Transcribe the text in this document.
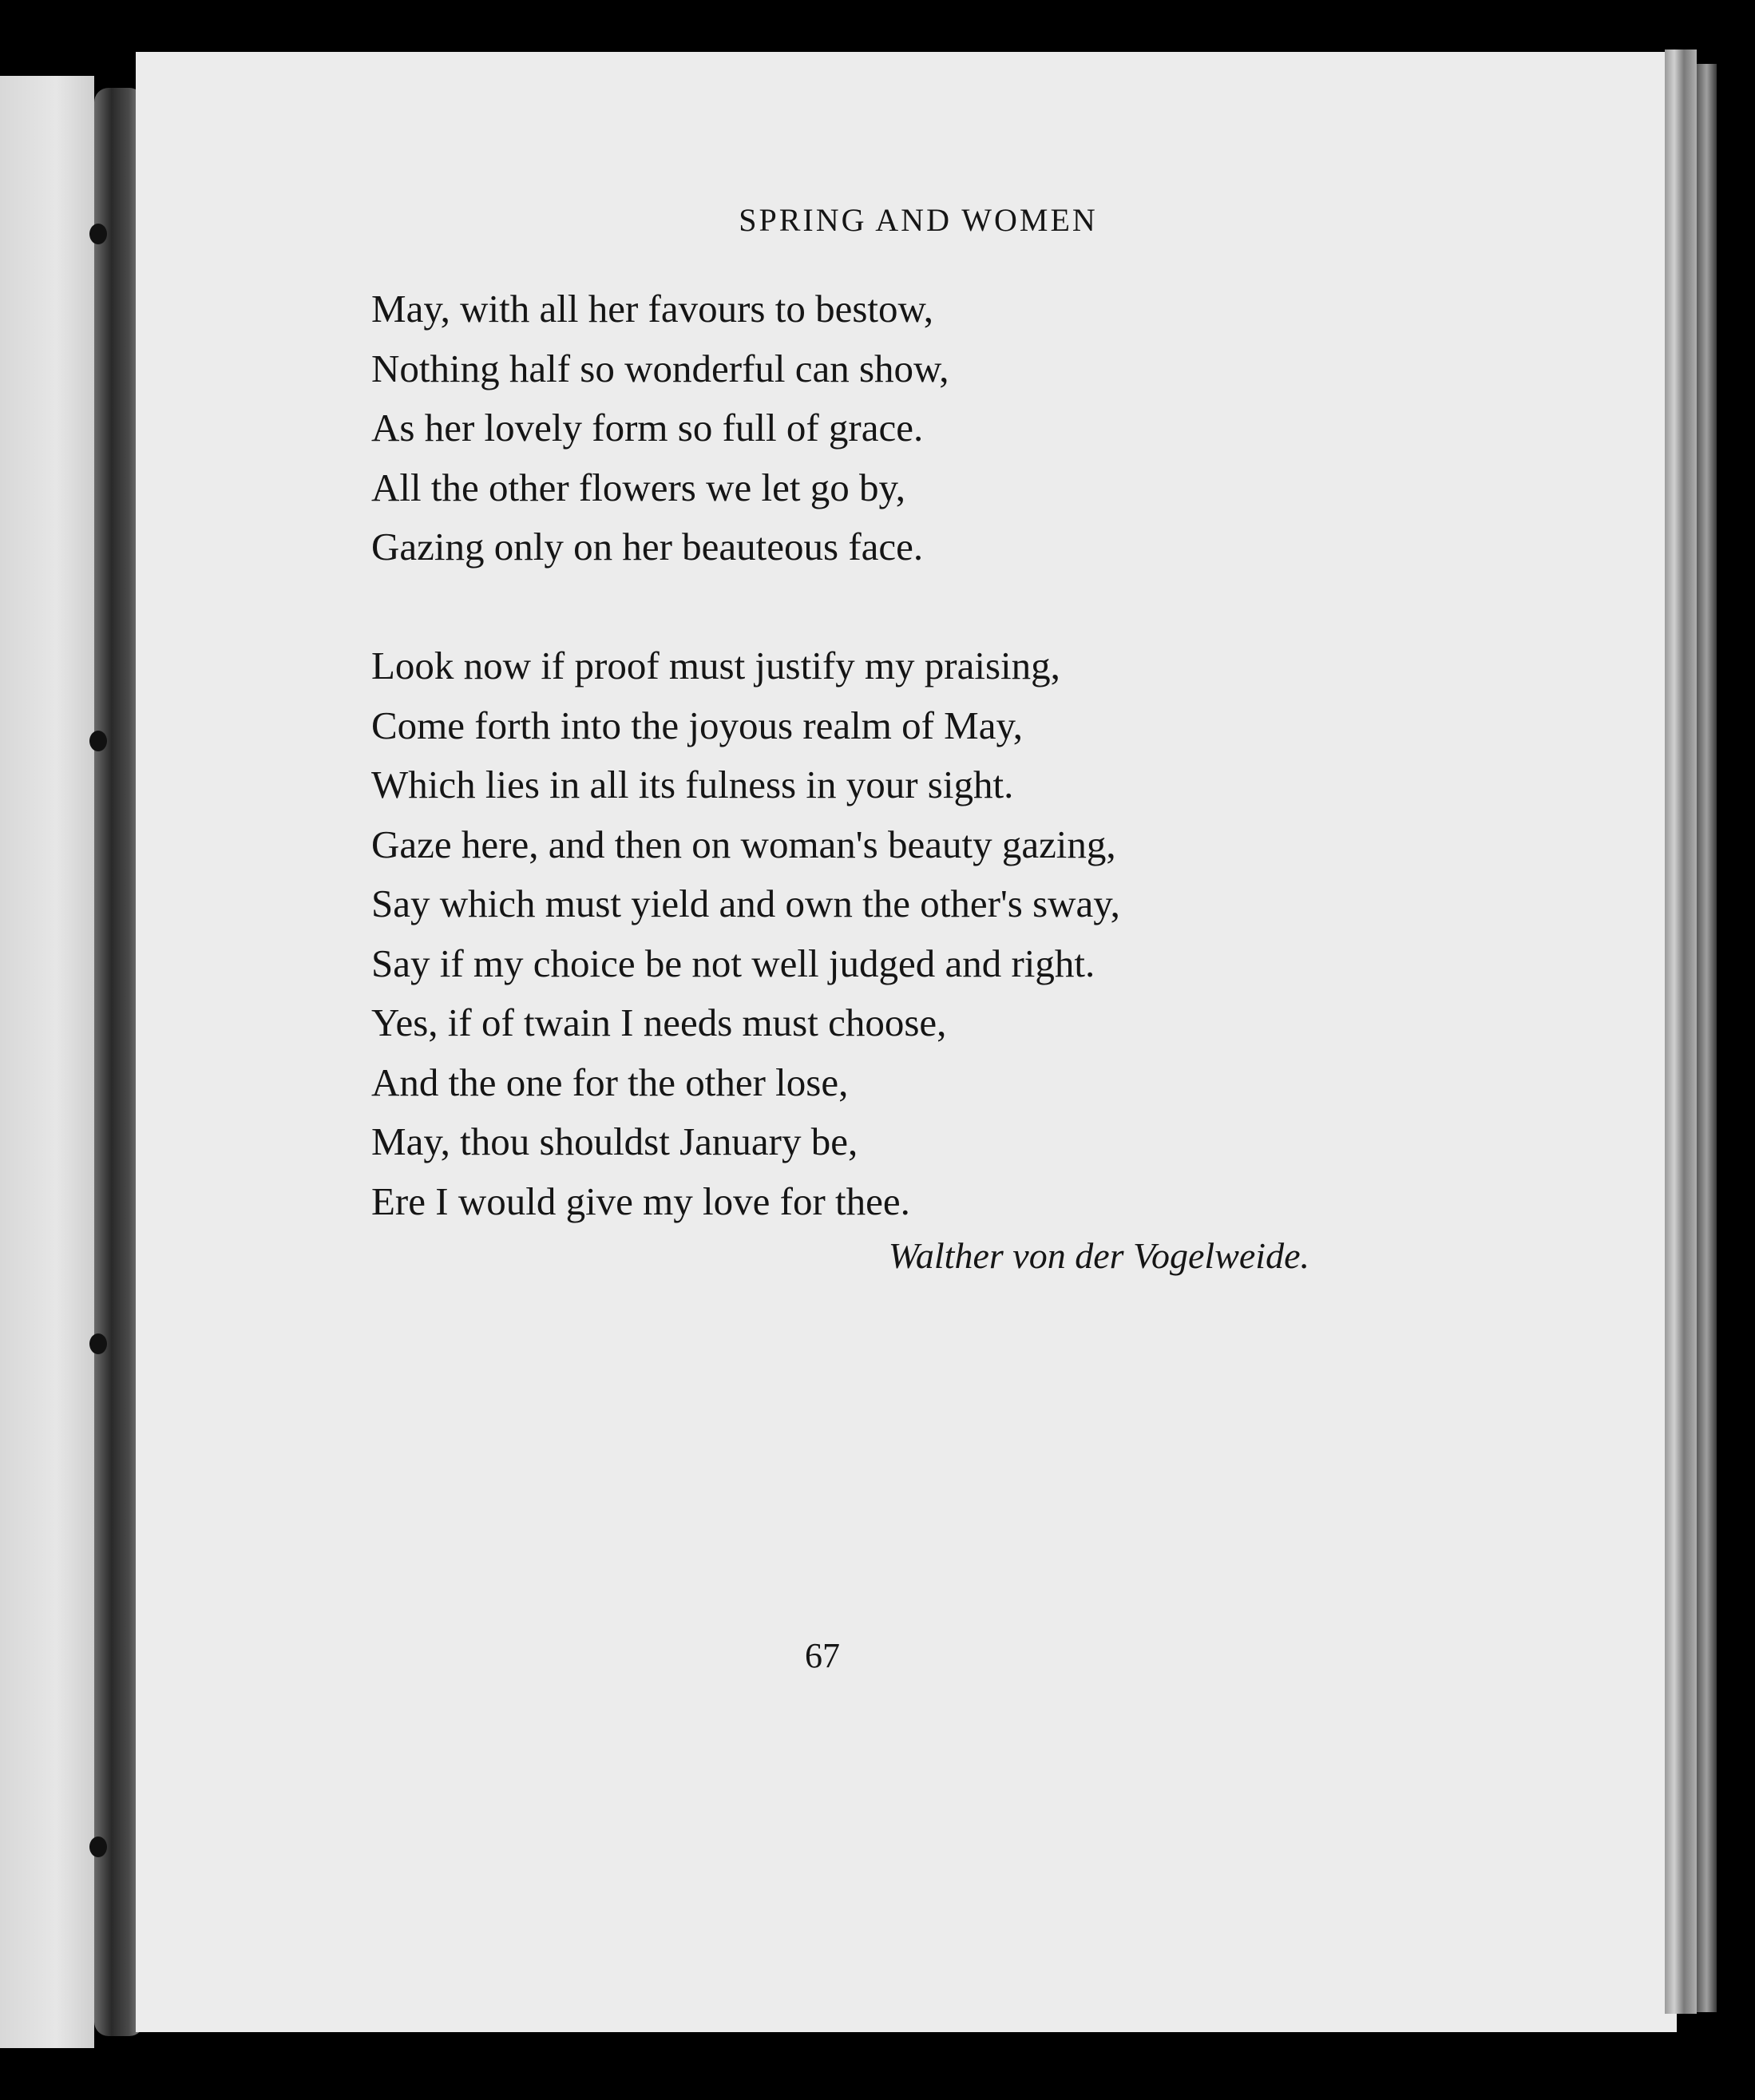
SPRING AND WOMEN
May, with all her favours to bestow,
Nothing half so wonderful can show,
As her lovely form so full of grace.
All the other flowers we let go by,
Gazing only on her beauteous face.
Look now if proof must justify my praising,
Come forth into the joyous realm of May,
Which lies in all its fulness in your sight.
Gaze here, and then on woman's beauty gazing,
Say which must yield and own the other's sway,
Say if my choice be not well judged and right.
Yes, if of twain I needs must choose,
And the one for the other lose,
May, thou shouldst January be,
Ere I would give my love for thee.
Walther von der Vogelweide.
67
